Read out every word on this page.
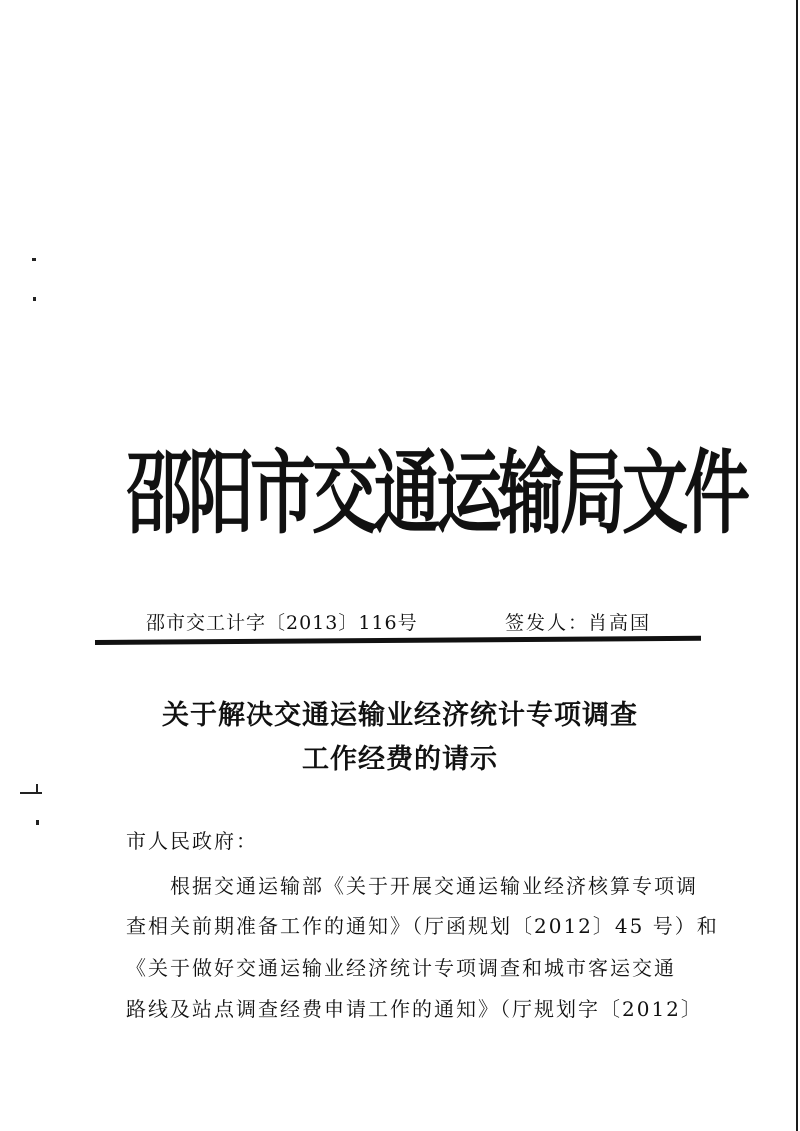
邵阳市交通运输局文件
邵市交工计字〔2013〕116号	签发人：
肖高国
关于解决交通运输业经济统计专项调查
工作经费的请示
市人民政府：
根据交通运输部《关于开展交通运输业经济核算专项调
查相关前期准备工作的通知》（厅函规划〔2012〕45 号）和
《关于做好交通运输业经济统计专项调查和城市客运交通
路线及站点调查经费申请工作的通知》（厅规划字〔2012〕
